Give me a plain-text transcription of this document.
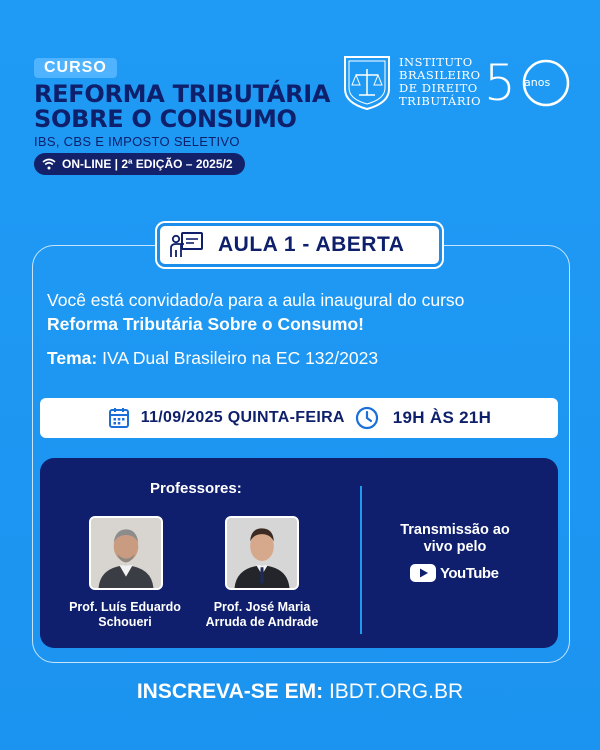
CURSO
REFORMA TRIBUTÁRIA
SOBRE O CONSUMO
IBS, CBS E IMPOSTO SELETIVO
ON-LINE | 2ª EDIÇÃO – 2025/2
INSTITUTO
BRASILEIRO
DE DIREITO
TRIBUTÁRIO 5 anos
AULA 1 - ABERTA
Você está convidado/a para a aula inaugural do curso
Reforma Tributária Sobre o Consumo!
Tema: IVA Dual Brasileiro na EC 132/2023
11/09/2025 QUINTA-FEIRA	19H ÀS 21H
Professores:
Prof. Luís Eduardo
Schoueri
Prof. José Maria
Arruda de Andrade
Transmissão ao
vivo pelo
YouTube
INSCREVA-SE EM: IBDT.ORG.BR
